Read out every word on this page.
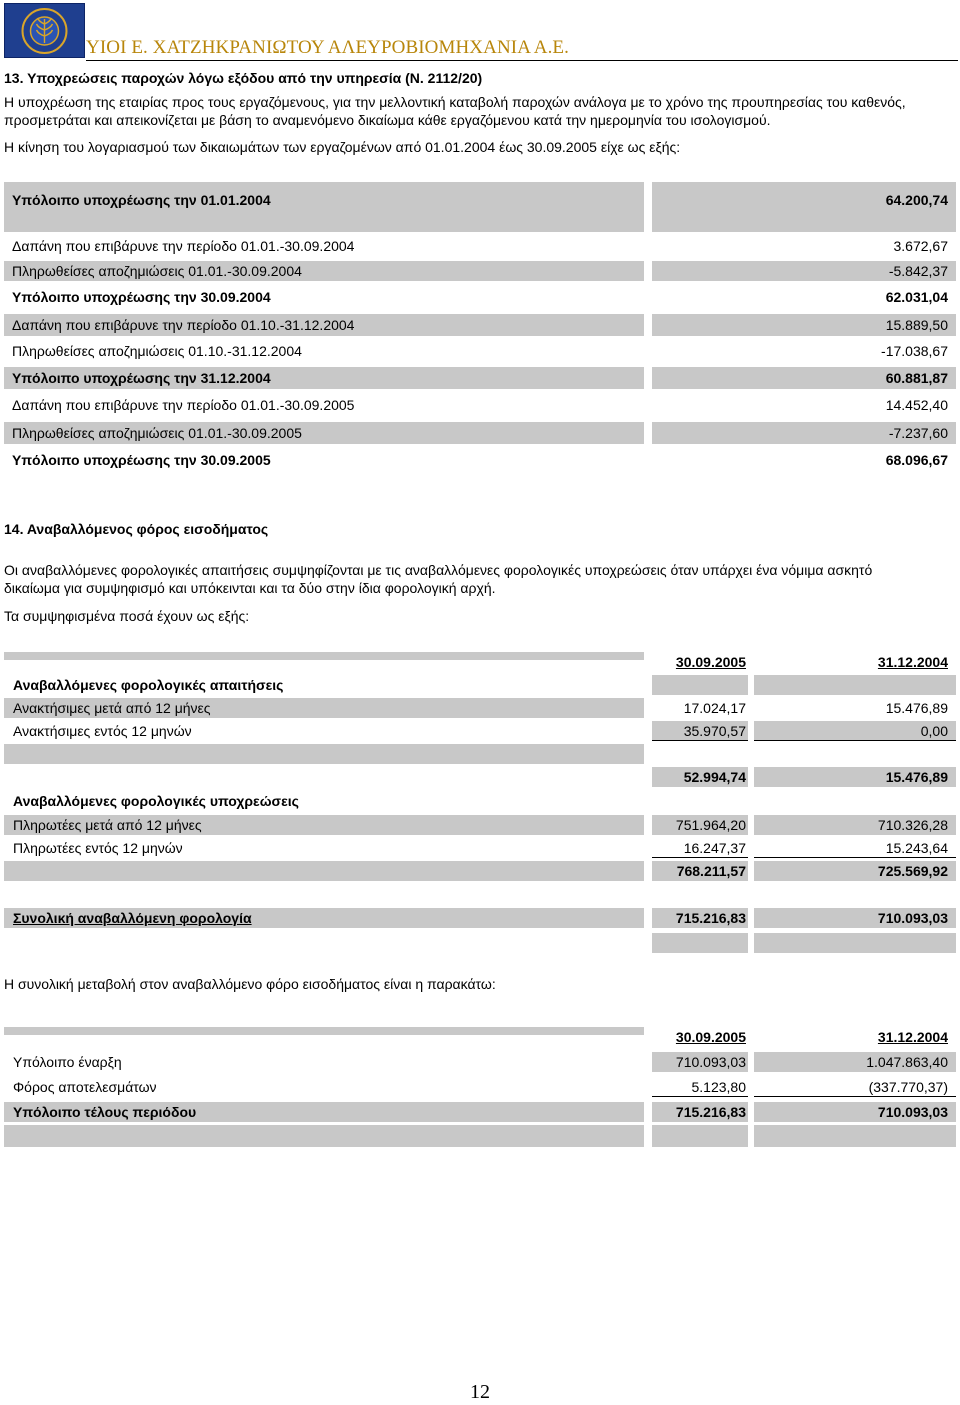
ΥΙΟΙ Ε. ΧΑΤΖΗΚΡΑΝΙΩΤΟΥ ΑΛΕΥΡΟΒΙΟΜΗΧΑΝΙΑ Α.Ε.
13. Υποχρεώσεις παροχών λόγω εξόδου από την υπηρεσία (Ν. 2112/20)
Η υποχρέωση της εταιρίας προς τους εργαζόμενους, για την μελλοντική καταβολή παροχών ανάλογα με το χρόνο της προυπηρεσίας του καθενός,
προσμετράται και απεικονίζεται με βάση το αναμενόμενο δικαίωμα κάθε εργαζόμενου κατά την ημερομηνία του ισολογισμού.
Η κίνηση του λογαριασμού των δικαιωμάτων των εργαζομένων από 01.01.2004 έως 30.09.2005 είχε ως εξής:
Υπόλοιπο υποχρέωσης την 01.01.2004	64.200,74
Δαπάνη που επιβάρυνε την περίοδο 01.01.-30.09.2004	3.672,67
Πληρωθείσες αποζημιώσεις 01.01.-30.09.2004	-5.842,37
Υπόλοιπο υποχρέωσης την 30.09.2004	62.031,04
Δαπάνη που επιβάρυνε την περίοδο 01.10.-31.12.2004	15.889,50
Πληρωθείσες αποζημιώσεις 01.10.-31.12.2004	-17.038,67
Υπόλοιπο υποχρέωσης την 31.12.2004	60.881,87
Δαπάνη που επιβάρυνε την περίοδο 01.01.-30.09.2005	14.452,40
Πληρωθείσες αποζημιώσεις 01.01.-30.09.2005	-7.237,60
Υπόλοιπο υποχρέωσης την 30.09.2005	68.096,67
14. Αναβαλλόμενος φόρος εισοδήματος
Οι αναβαλλόμενες φορολογικές απαιτήσεις συμψηφίζονται με τις αναβαλλόμενες φορολογικές υποχρεώσεις όταν υπάρχει ένα νόμιμα ασκητό
δικαίωμα για συμψηφισμό και υπόκεινται και τα δύο στην ίδια φορολογική αρχή.
Τα συμψηφισμένα ποσά έχουν ως εξής:
30.09.2005	31.12.2004
Αναβαλλόμενες φορολογικές απαιτήσεις
Ανακτήσιμες μετά από 12 μήνες	17.024,17	15.476,89
Ανακτήσιμες εντός 12 μηνών	35.970,57	0,00
52.994,74	15.476,89
Αναβαλλόμενες φορολογικές υποχρεώσεις
Πληρωτέες μετά από 12 μήνες	751.964,20	710.326,28
Πληρωτέες εντός 12 μηνών	16.247,37	15.243,64
768.211,57	725.569,92
Συνολική αναβαλλόμενη φορολογία	715.216,83	710.093,03
Η συνολική μεταβολή στον αναβαλλόμενο φόρο εισοδήματος είναι η παρακάτω:
30.09.2005	31.12.2004
Υπόλοιπο έναρξη	710.093,03	1.047.863,40
Φόρος αποτελεσμάτων	5.123,80	(337.770,37)
Υπόλοιπο τέλους περιόδου	715.216,83	710.093,03
12
